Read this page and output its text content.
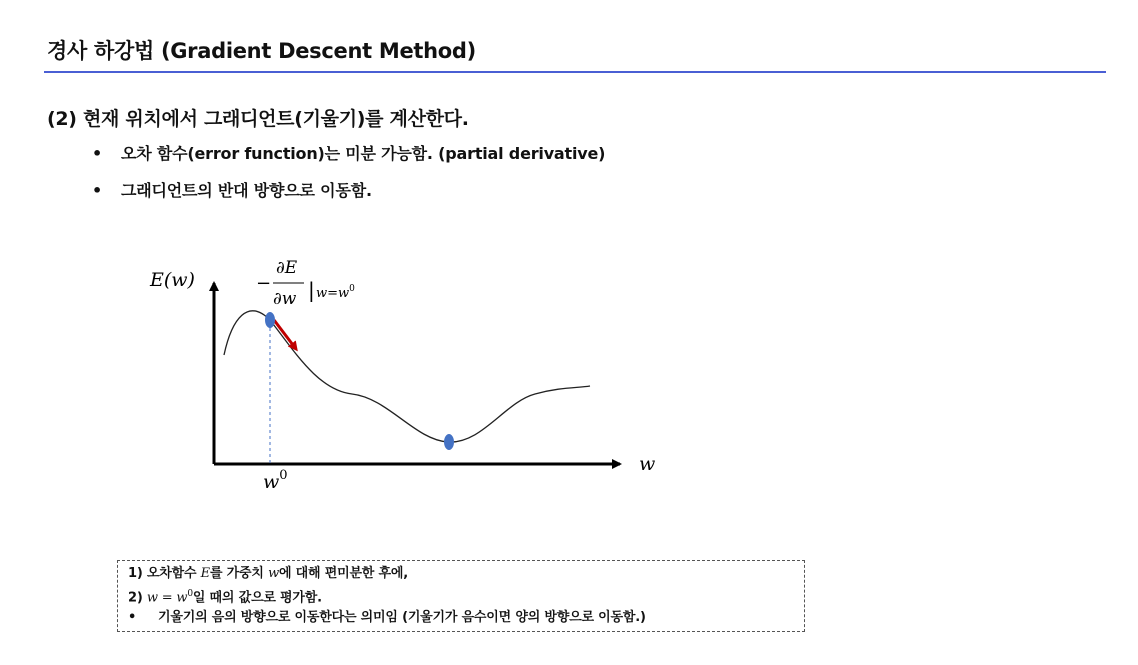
경사 하강법 (Gradient Descent Method)
(2) 현재 위치에서 그래디언트(기울기)를 계산한다.
• 오차 함수(error function)는 미분 가능함. (partial derivative)
• 그래디언트의 반대 방향으로 이동함.
E(w)
w
$w^0$
−
∂E
∂w | $w=w^0$
1) 오차함수 E를 가중치 w에 대해 편미분한 후에,
2) $w = w^0$일 때의 값으로 평가함.
• 기울기의 음의 방향으로 이동한다는 의미임 (기울기가 음수이면 양의 방향으로 이동함.)
